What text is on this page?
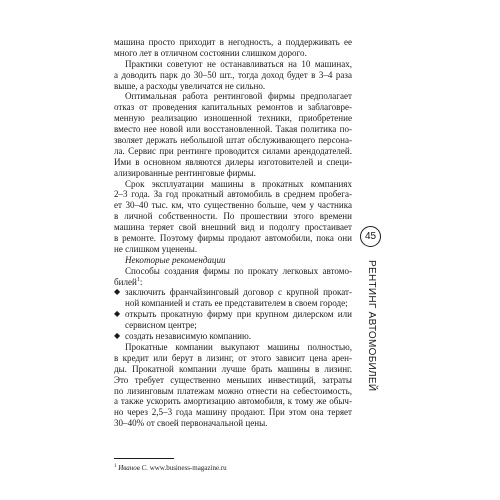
машина просто приходит в негодность, а поддерживать ее
много лет в отличном состоянии слишком дорого.
Практики советуют не останавливаться на 10 машинах,
а доводить парк до 30–50 шт., тогда доход будет в 3–4 раза
выше, а расходы увеличатся не сильно.
Оптимальная работа рентинговой фирмы предполагает
отказ от проведения капитальных ремонтов и заблаговре-
менную реализацию изношенной техники, приобретение
вместо нее новой или восстановленной. Такая политика по-
зволяет держать небольшой штат обслуживающего персона-
ла. Сервис при рентинге проводится силами арендодателей.
Ими в основном являются дилеры изготовителей и специ-
ализированные рентинговые фирмы.
Срок эксплуатации машины в прокатных компаниях
2–3 года. За год прокатный автомобиль в среднем пробега-
ет 30–40 тыс. км, что существенно больше, чем у частника
в личной собственности. По прошествии этого времени
машина теряет свой внешний вид и подолгу простаивает
в ремонте. Поэтому фирмы продают автомобили, пока они
не слишком уценены.
Некоторые рекомендации
Способы создания фирмы по прокату легковых автомо-
билей$^1$:
◆ заключить франчайзинговый договор с крупной прокат-
ной компанией и стать ее представителем в своем городе;
◆ открыть прокатную фирму при крупном дилерском или
сервисном центре;
◆ создать независимую компанию.
Прокатные компании выкупают машины полностью,
в кредит или берут в лизинг, от этого зависит цена арен-
ды. Прокатной компании лучше брать машины в лизинг.
Это требует существенно меньших инвестиций, затраты
по лизинговым платежам можно отнести на себестоимость,
а также ускорить амортизацию автомобиля, к тому же обыч-
но через 2,5–3 года машину продают. При этом она теряет
30–40% от своей первоначальной цены.
$^1$ Иванов С. www.business-magazine.ru
45
РЕНТИНГ АВТОМОБИЛЕЙ
